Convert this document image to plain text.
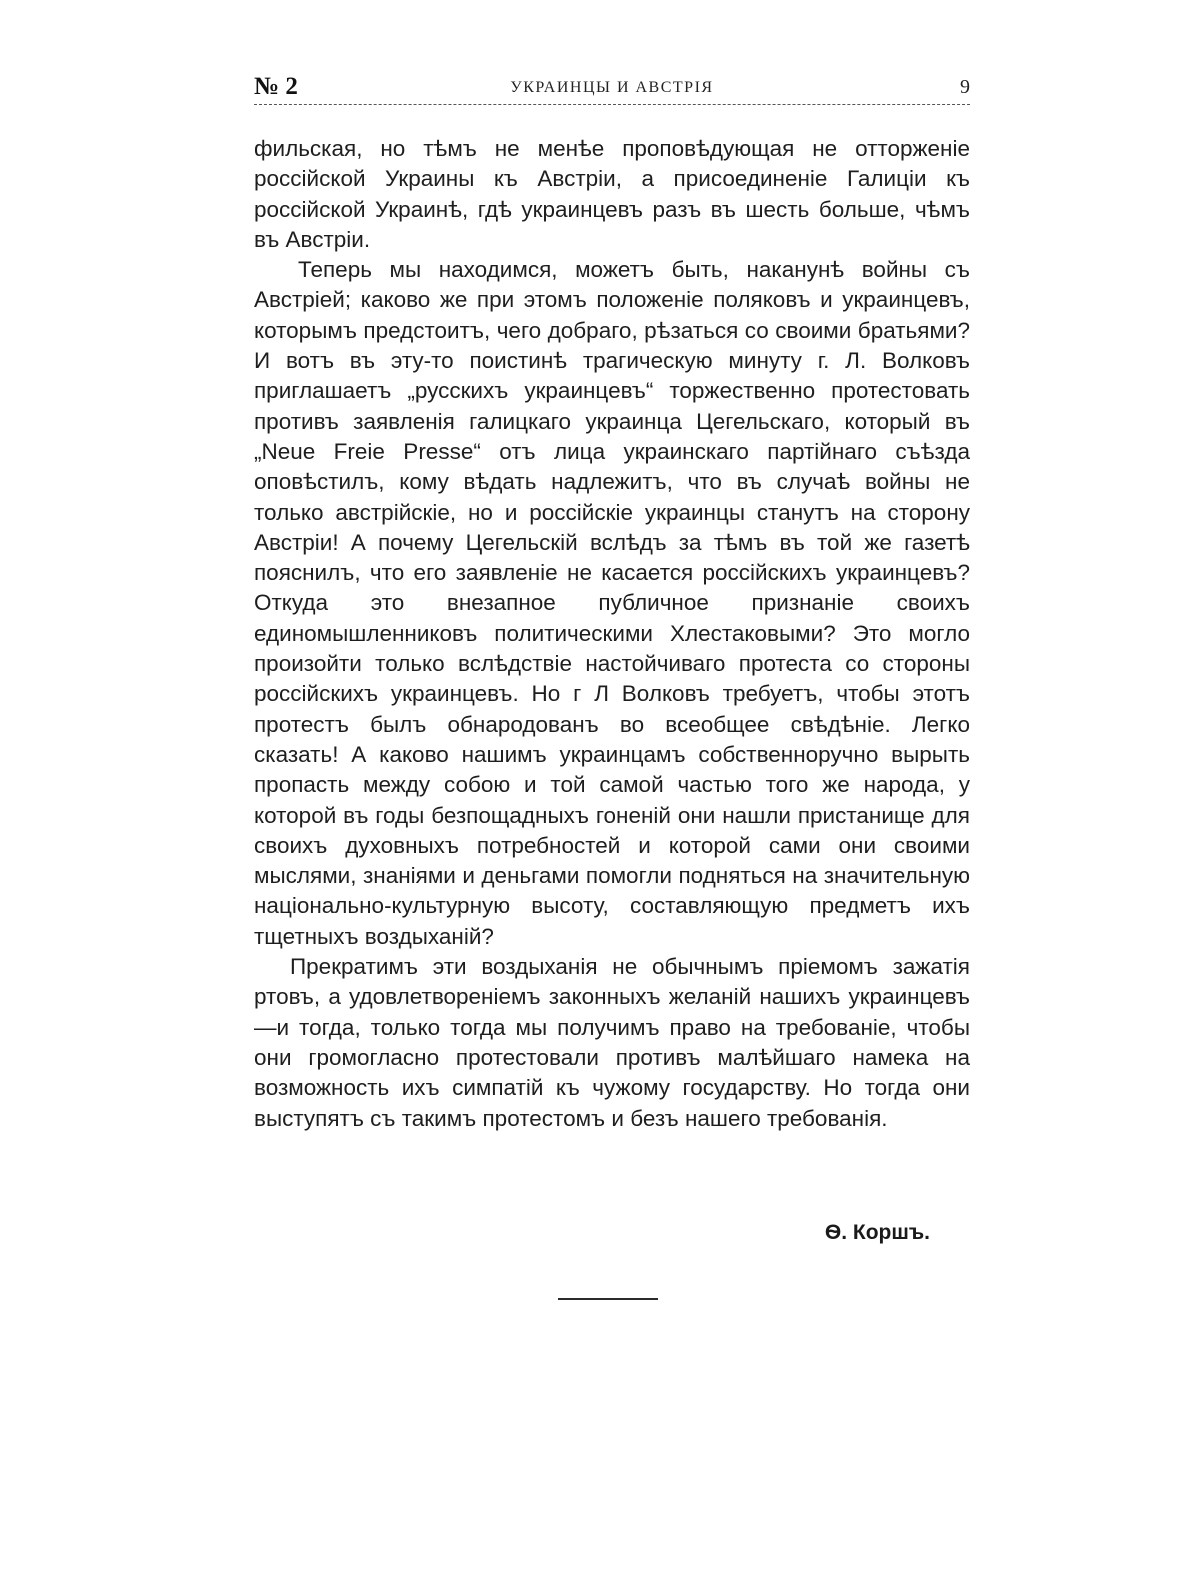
№ 2	УКРАИНЦЫ И АВСТРІЯ	9

фильская, но тѣмъ не менѣе проповѣдующая не отторженіе россійской Украины къ Австріи, а присоединеніе Галиціи къ россійской Украинѣ, гдѣ украинцевъ разъ въ шесть больше, чѣмъ въ Австріи.

Теперь мы находимся, можетъ быть, наканунѣ войны съ Австріей; каково же при этомъ положеніе поляковъ и украинцевъ, которымъ предстоитъ, чего добраго, рѣзаться со своими братьями? И вотъ въ эту-то поистинѣ трагическую минуту г. Л. Волковъ приглашаетъ „русскихъ украинцевъ“ торжественно протестовать противъ заявленія галицкаго украинца Цегельскаго, который въ „Neue Freie Presse“ отъ лица украинскаго партійнаго съѣзда оповѣстилъ, кому вѣдать надлежитъ, что въ случаѣ войны не только австрійскіе, но и россійскіе украинцы станутъ на сторону Австріи! А почему Цегельскій вслѣдъ за тѣмъ въ той же газетѣ пояснилъ, что его заявленіе не касается россійскихъ украинцевъ? Откуда это внезапное публичное признаніе своихъ единомышленниковъ политическими Хлестаковыми? Это могло произойти только вслѣдствіе настойчиваго протеста со стороны россійскихъ украинцевъ. Но г Л Волковъ требуетъ, чтобы этотъ протестъ былъ обнародованъ во всеобщее свѣдѣніе. Легко сказать! А каково нашимъ украинцамъ собственноручно вырыть пропасть между собою и той самой частью того же народа, у которой въ годы безпощадныхъ гоненій они нашли пристанище для своихъ духовныхъ потребностей и которой сами они своими мыслями, знаніями и деньгами помогли подняться на значительную національно-культурную высоту, составляющую предметъ ихъ тщетныхъ воздыханій?

Прекратимъ эти воздыханія не обычнымъ пріемомъ зажатія ртовъ, а удовлетвореніемъ законныхъ желаній нашихъ украинцевъ—и тогда, только тогда мы получимъ право на требованіе, чтобы они громогласно протестовали противъ малѣйшаго намека на возможность ихъ симпатій къ чужому государству. Но тогда они выступятъ съ такимъ протестомъ и безъ нашего требованія.

Ѳ. Коршъ.
